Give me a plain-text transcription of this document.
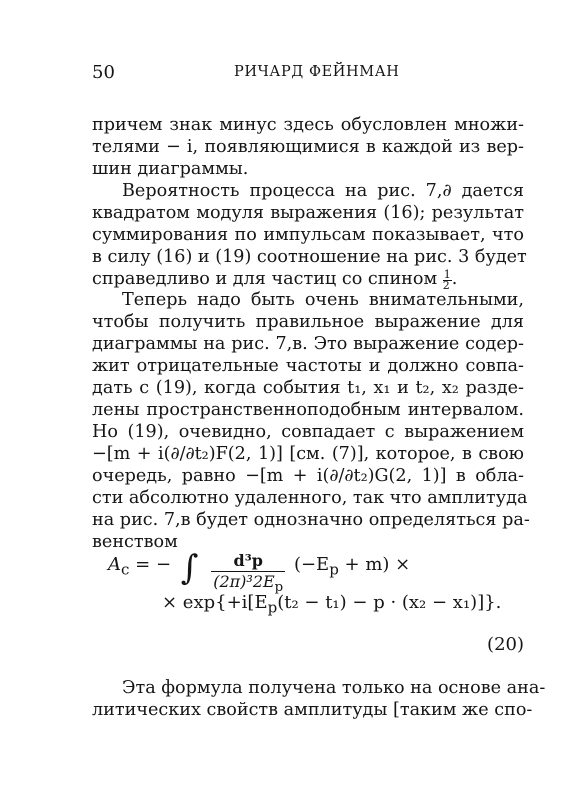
50	РИЧАРД ФЕЙНМАН

причем знак минус здесь обусловлен множи-
телями − i, появляющимися в каждой из вер-
шин диаграммы.

Вероятность процесса на рис. 7,∂ дается
квадратом модуля выражения (16); результат
суммирования по импульсам показывает, что
в силу (16) и (19) соотношение на рис. 3 будет
справедливо и для частиц со спином $\frac{1}{2}$ .

Теперь надо быть очень внимательными,
чтобы получить правильное выражение для
диаграммы на рис. 7,в. Это выражение содер-
жит отрицательные частоты и должно совпа-
дать с (19), когда события t₁, x₁ и t₂, x₂ разде-
лены пространственноподобным интервалом.
Но (19), очевидно, совпадает с выражением
−[m + i(∂/∂t₂)F(2, 1)] [см. (7)], которое, в свою
очередь, равно −[m + i(∂/∂t₂)G(2, 1)] в обла-
сти абсолютно удаленного, так что амплитуда
на рис. 7,в будет однозначно определяться ра-
венством

$A_c$ = − ∫ $\frac{\text{d³p}}{(2\pi)^32E_p} (-E_p + m)$ ×
× $\exp\{+i[E_p(t_2 - t_1) - p \cdot (x_2 - x_1)]\}$.
(20)

Эта формула получена только на основе ана-
литических свойств амплитуды [таким же спо-
